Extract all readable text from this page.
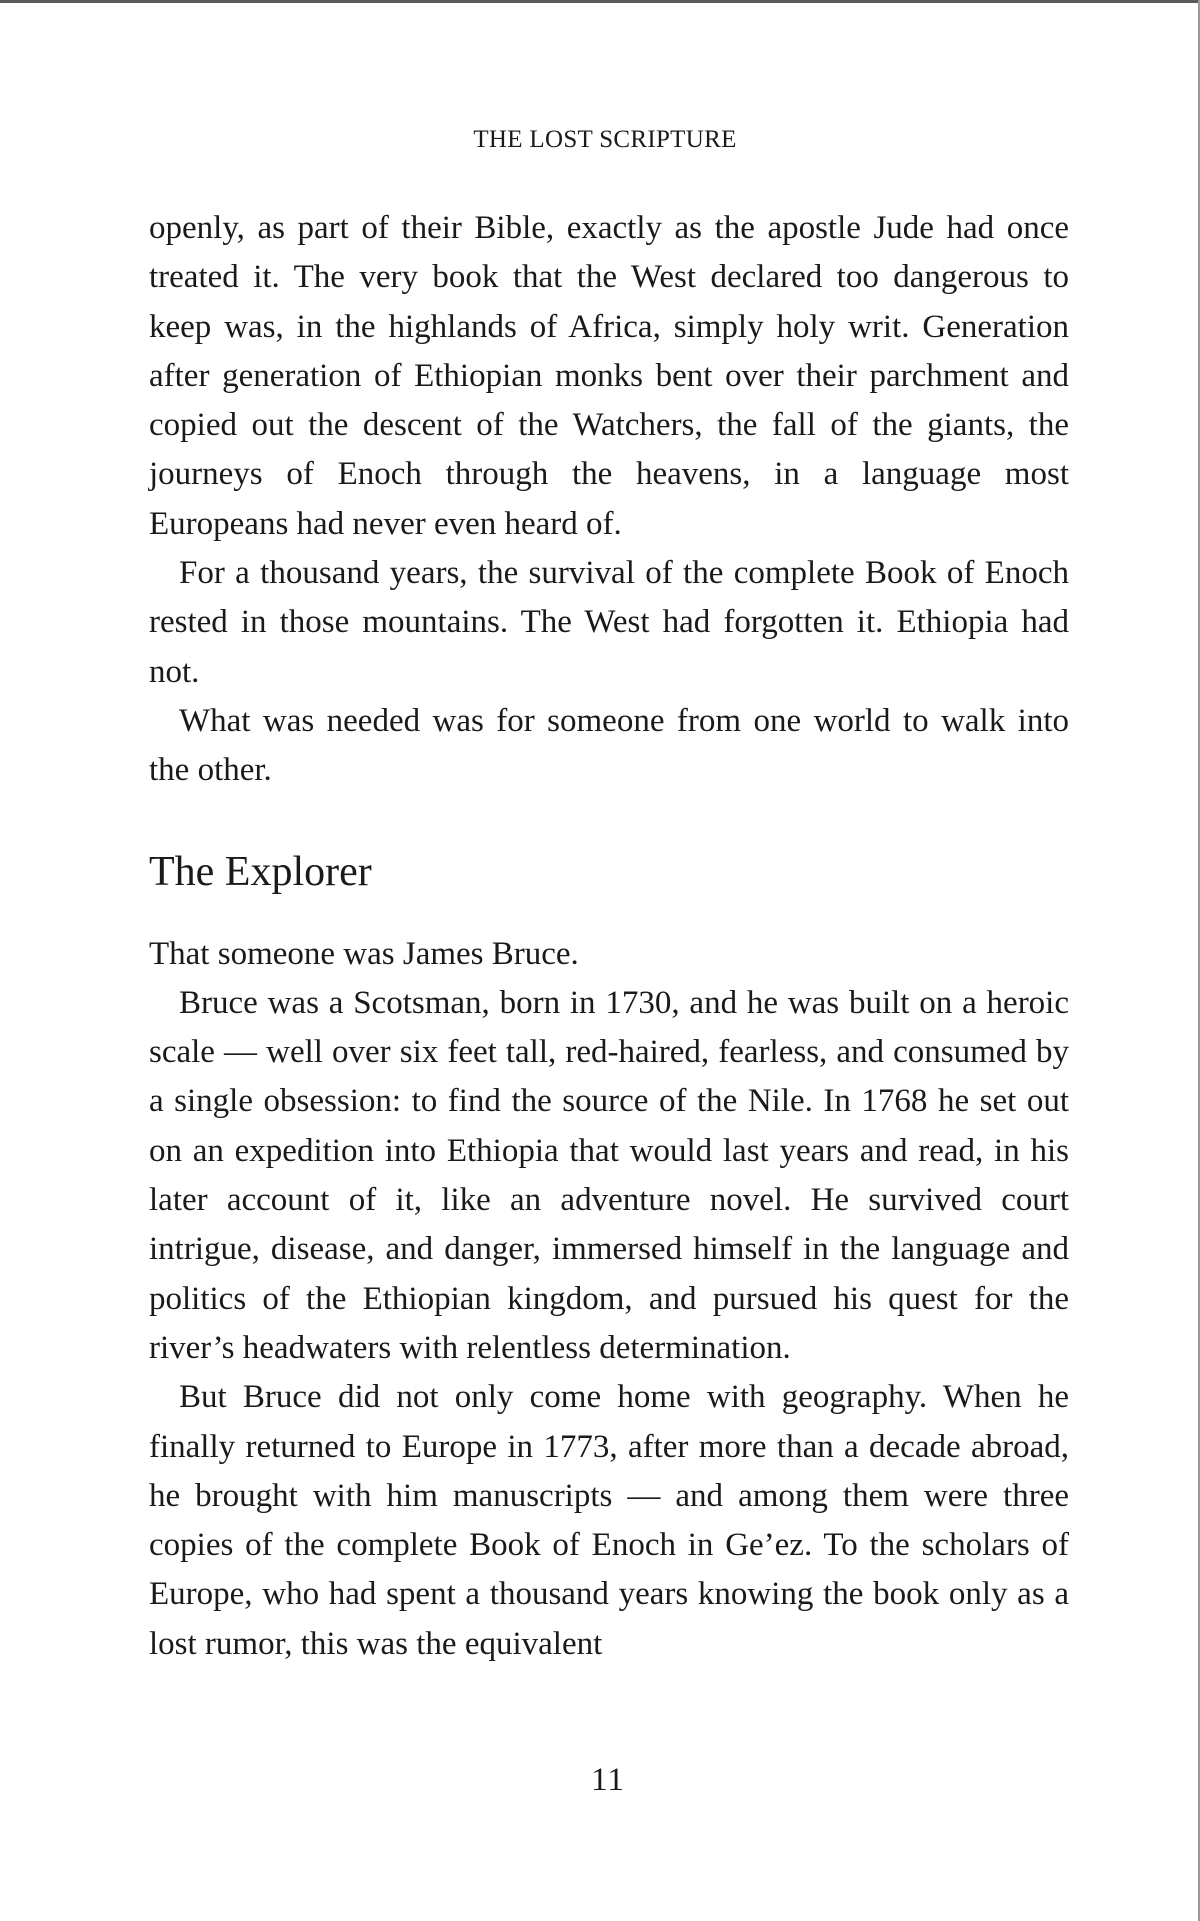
THE LOST SCRIPTURE

openly, as part of their Bible, exactly as the apostle Jude had once treated it. The very book that the West declared too dangerous to keep was, in the highlands of Africa, simply holy writ. Generation after generation of Ethiopian monks bent over their parchment and copied out the descent of the Watchers, the fall of the giants, the journeys of Enoch through the heavens, in a language most Europeans had never even heard of.

For a thousand years, the survival of the complete Book of Enoch rested in those mountains. The West had forgotten it. Ethiopia had not.

What was needed was for someone from one world to walk into the other.

The Explorer

That someone was James Bruce.

Bruce was a Scotsman, born in 1730, and he was built on a heroic scale — well over six feet tall, red-haired, fearless, and consumed by a single obsession: to find the source of the Nile. In 1768 he set out on an expedition into Ethiopia that would last years and read, in his later account of it, like an adventure novel. He survived court intrigue, disease, and danger, immersed himself in the language and politics of the Ethiopian kingdom, and pursued his quest for the river’s headwaters with relentless determination.

But Bruce did not only come home with geography. When he finally returned to Europe in 1773, after more than a decade abroad, he brought with him manuscripts — and among them were three copies of the complete Book of Enoch in Ge’ez. To the scholars of Europe, who had spent a thousand years knowing the book only as a lost rumor, this was the equivalent

11
